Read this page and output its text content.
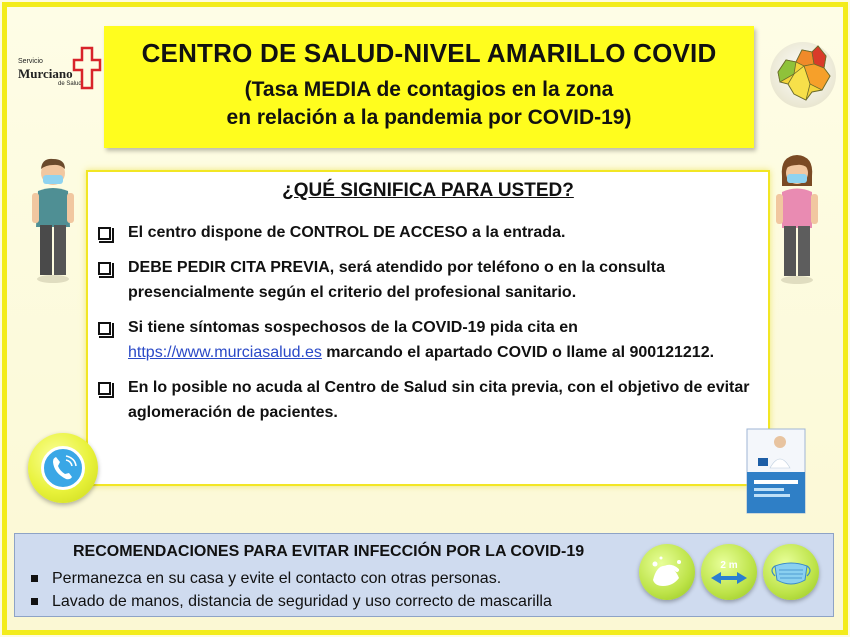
Servicio
Murciano
de Salud
CENTRO DE SALUD-NIVEL AMARILLO COVID
(Tasa MEDIA de contagios en la zona
en relación a la pandemia por COVID-19)
¿QUÉ SIGNIFICA PARA USTED?
El centro dispone de CONTROL DE ACCESO a la entrada.
DEBE PEDIR CITA PREVIA, será atendido por teléfono o en la consulta presencialmente según el criterio del profesional sanitario.
Si tiene síntomas sospechosos de la COVID-19 pida cita en https://www.murciasalud.es marcando el apartado COVID o llame al 900121212.
En lo posible no acuda al Centro de Salud sin cita previa, con el objetivo de evitar aglomeración de pacientes.
RECOMENDACIONES PARA EVITAR INFECCIÓN POR LA COVID-19
Permanezca en su casa y evite el contacto con otras personas.
Lavado de manos, distancia de seguridad y uso correcto de mascarilla
2 m
